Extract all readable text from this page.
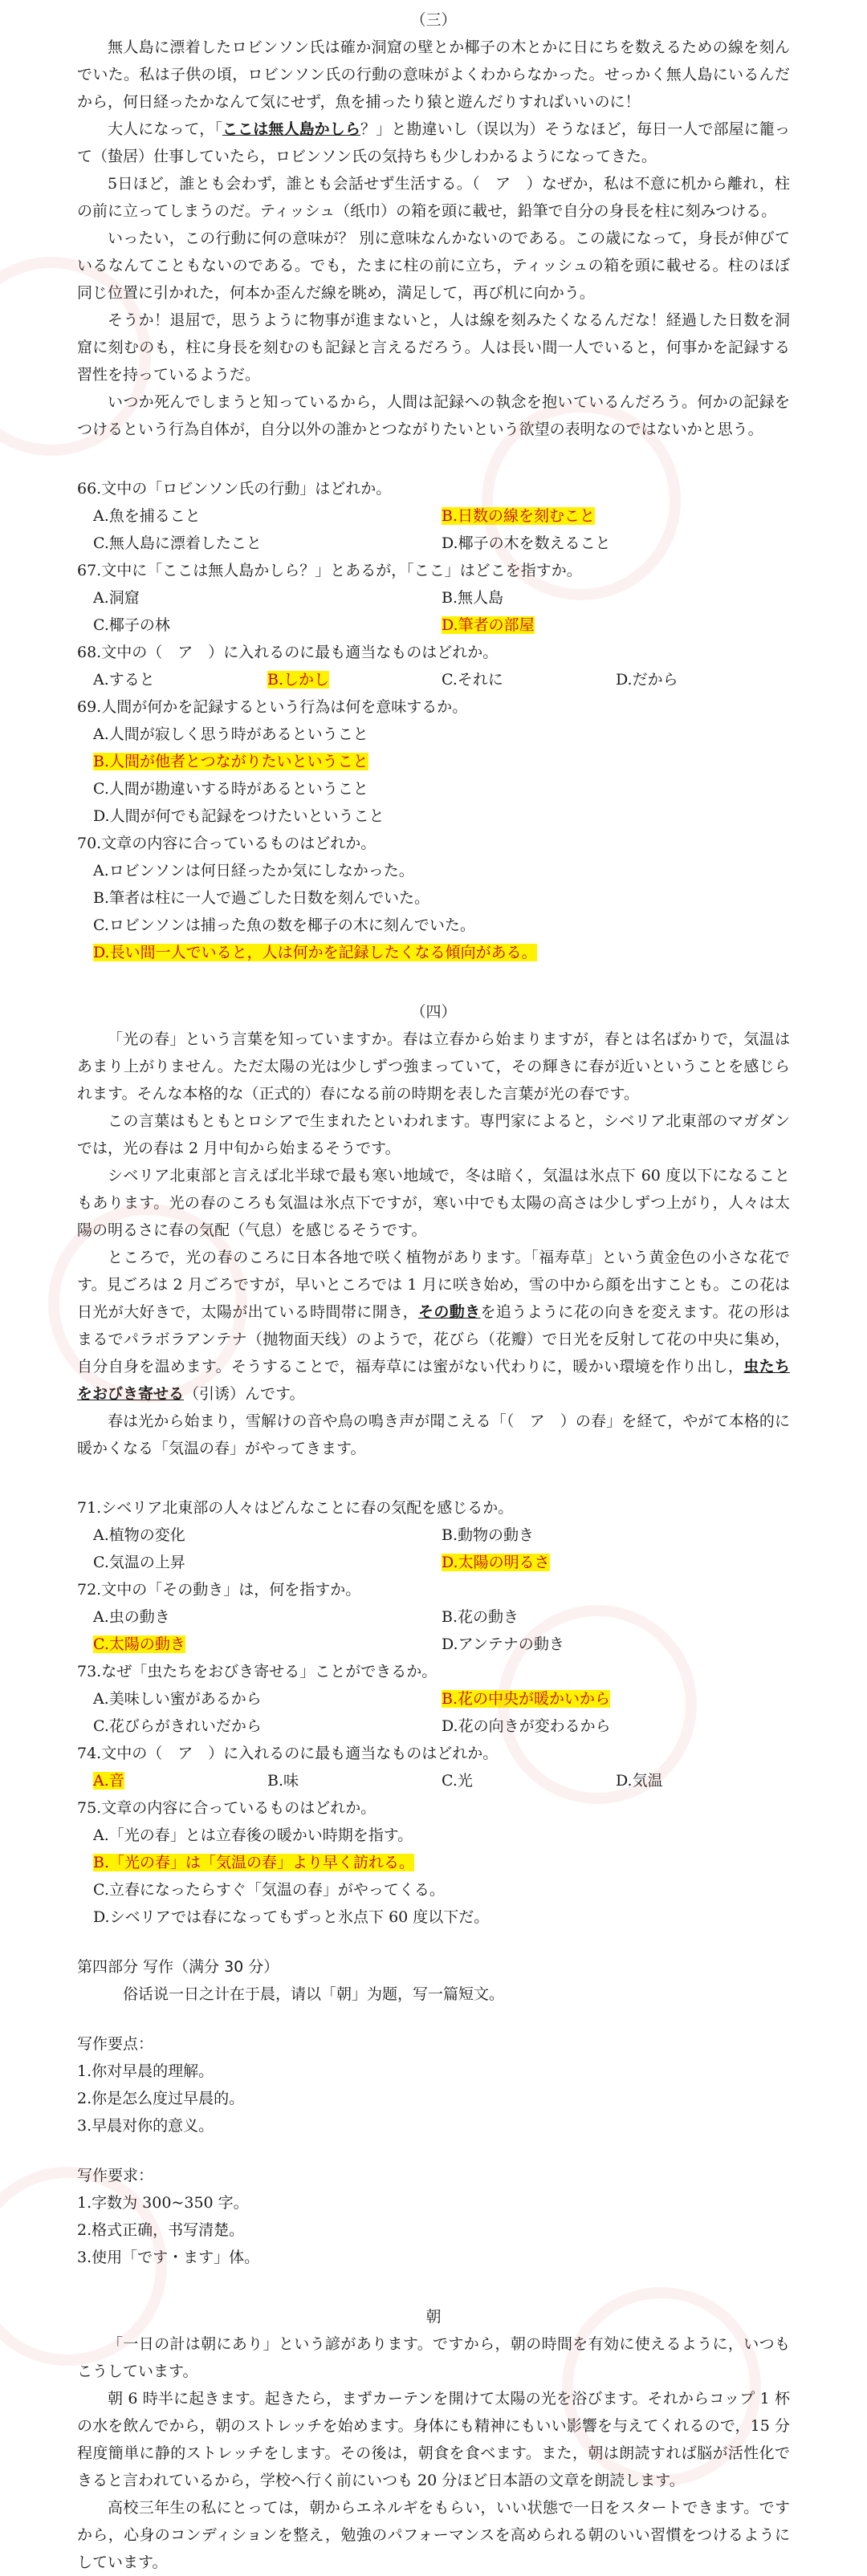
（三）

無人島に漂着したロビンソン氏は確か洞窟の壁とか椰子の木とかに日にちを数えるための線を刻んでいた。私は子供の頃，ロビンソン氏の行動の意味がよくわからなかった。せっかく無人島にいるんだから，何日経ったかなんて気にせず，魚を捕ったり猿と遊んだりすればいいのに！

大人になって，「ここは無人島かしら？」と勘違いし（误以为）そうなほど，毎日一人で部屋に籠って（蛰居）仕事していたら，ロビンソン氏の気持ちも少しわかるようになってきた。

5日ほど，誰とも会わず，誰とも会話せず生活する。（　ア　）なぜか，私は不意に机から離れ，柱の前に立ってしまうのだ。ティッシュ（纸巾）の箱を頭に載せ，鉛筆で自分の身長を柱に刻みつける。

いったい，この行動に何の意味が？ 別に意味なんかないのである。この歳になって，身長が伸びているなんてこともないのである。でも，たまに柱の前に立ち，ティッシュの箱を頭に載せる。柱のほぼ同じ位置に引かれた，何本か歪んだ線を眺め，満足して，再び机に向かう。

そうか！退屈で，思うように物事が進まないと，人は線を刻みたくなるんだな！経過した日数を洞窟に刻むのも，柱に身長を刻むのも記録と言えるだろう。人は長い間一人でいると，何事かを記録する習性を持っているようだ。

いつか死んでしまうと知っているから，人間は記録への執念を抱いているんだろう。何かの記録をつけるという行為自体が，自分以外の誰かとつながりたいという欲望の表明なのではないかと思う。

66.文中の「ロビンソン氏の行動」はどれか。

A.魚を捕ること	B.日数の線を刻むこと
C.無人島に漂着したこと	D.椰子の木を数えること

67.文中に「ここは無人島かしら？」とあるが，「ここ」はどこを指すか。

A.洞窟	B.無人島
C.椰子の林	D.筆者の部屋

68.文中の（　ア　）に入れるのに最も適当なものはどれか。

A.すると	B.しかし	C.それに	D.だから

69.人間が何かを記録するという行為は何を意味するか。

A.人間が寂しく思う時があるということ
B.人間が他者とつながりたいということ
C.人間が勘違いする時があるということ
D.人間が何でも記録をつけたいということ

70.文章の内容に合っているものはどれか。

A.ロビンソンは何日経ったか気にしなかった。
B.筆者は柱に一人で過ごした日数を刻んでいた。
C.ロビンソンは捕った魚の数を椰子の木に刻んでいた。
D.長い間一人でいると，人は何かを記録したくなる傾向がある。
（四）

「光の春」という言葉を知っていますか。春は立春から始まりますが，春とは名ばかりで，気温はあまり上がりません。ただ太陽の光は少しずつ強まっていて，その輝きに春が近いということを感じられます。そんな本格的な（正式的）春になる前の時期を表した言葉が光の春です。

この言葉はもともとロシアで生まれたといわれます。専門家によると，シベリア北東部のマガダンでは，光の春は 2 月中旬から始まるそうです。

シベリア北東部と言えば北半球で最も寒い地域で，冬は暗く，気温は氷点下 60 度以下になることもあります。光の春のころも気温は氷点下ですが，寒い中でも太陽の高さは少しずつ上がり，人々は太陽の明るさに春の気配（气息）を感じるそうです。

ところで，光の春のころに日本各地で咲く植物があります。「福寿草」という黄金色の小さな花です。見ごろは 2 月ごろですが，早いところでは 1 月に咲き始め，雪の中から顔を出すことも。この花は日光が大好きで，太陽が出ている時間帯に開き，その動きを追うように花の向きを変えます。花の形はまるでパラボラアンテナ（抛物面天线）のようで，花びら（花瓣）で日光を反射して花の中央に集め，自分自身を温めます。そうすることで，福寿草には蜜がない代わりに，暖かい環境を作り出し，虫たちをおびき寄せる（引诱）んです。

春は光から始まり，雪解けの音や鳥の鳴き声が聞こえる「（　ア　）の春」を経て，やがて本格的に暖かくなる「気温の春」がやってきます。

71.シベリア北東部の人々はどんなことに春の気配を感じるか。

A.植物の変化	B.動物の動き
C.気温の上昇	D.太陽の明るさ

72.文中の「その動き」は，何を指すか。

A.虫の動き	B.花の動き
C.太陽の動き	D.アンテナの動き

73.なぜ「虫たちをおびき寄せる」ことができるか。

A.美味しい蜜があるから	B.花の中央が暖かいから
C.花びらがきれいだから	D.花の向きが変わるから

74.文中の（　ア　）に入れるのに最も適当なものはどれか。

A.音	B.味	C.光	D.気温

75.文章の内容に合っているものはどれか。

A.「光の春」とは立春後の暖かい時期を指す。
B.「光の春」は「気温の春」より早く訪れる。
C.立春になったらすぐ「気温の春」がやってくる。
D.シベリアでは春になってもずっと氷点下 60 度以下だ。

第四部分 写作（满分 30 分）

俗话说一日之计在于晨，请以「朝」为题，写一篇短文。

写作要点：

1.你对早晨的理解。

2.你是怎么度过早晨的。

3.早晨对你的意义。

写作要求：

1.字数为 300~350 字。

2.格式正确，书写清楚。

3.使用「です・ます」体。

朝

「一日の計は朝にあり」という諺があります。ですから，朝の時間を有効に使えるように，いつもこうしています。

朝 6 時半に起きます。起きたら，まずカーテンを開けて太陽の光を浴びます。それからコップ 1 杯の水を飲んでから，朝のストレッチを始めます。身体にも精神にもいい影響を与えてくれるので，15 分程度簡単に静的ストレッチをします。その後は，朝食を食べます。また，朝は朗読すれば脳が活性化できると言われているから，学校へ行く前にいつも 20 分ほど日本語の文章を朗読します。

高校三年生の私にとっては，朝からエネルギをもらい，いい状態で一日をスタートできます。ですから，心身のコンディションを整え，勉強のパフォーマンスを高められる朝のいい習慣をつけるようにしています。
